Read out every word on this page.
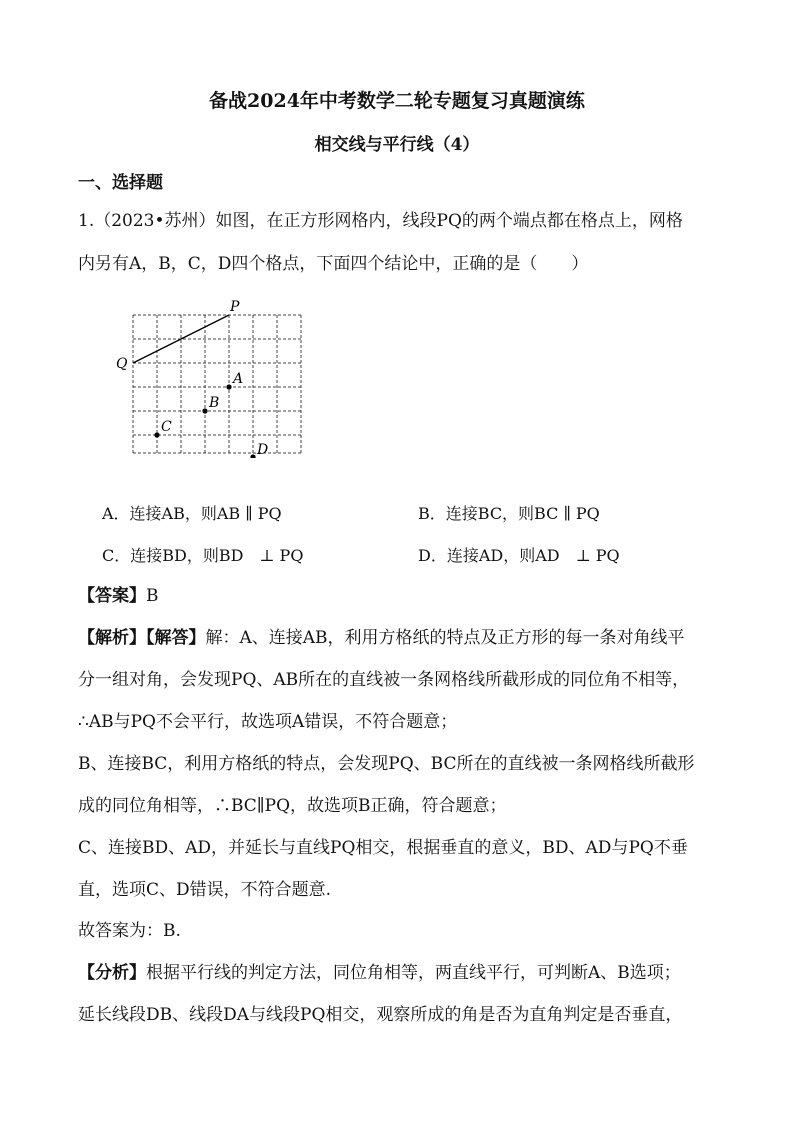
备战2024年中考数学二轮专题复习真题演练
相交线与平行线（4）
一、选择题
1.（2023•苏州）如图，在正方形网格内，线段PQ的两个端点都在格点上，网格
内另有A，B，C，D四个格点，下面四个结论中，正确的是（　　）
P
Q
A
B
C
D
A．连接AB，则AB ∥ PQ	B．连接BC，则BC ∥ PQ
C．连接BD，则BD　⊥ PQ	D．连接AD，则AD　⊥ PQ
【答案】B
【解析】【解答】解：A、连接AB，利用方格纸的特点及正方形的每一条对角线平
分一组对角，会发现PQ、AB所在的直线被一条网格线所截形成的同位角不相等，
∴AB与PQ不会平行，故选项A错误，不符合题意；
B、连接BC，利用方格纸的特点，会发现PQ、BC所在的直线被一条网格线所截形
成的同位角相等，∴BC∥PQ，故选项B正确，符合题意；
C、连接BD、AD，并延长与直线PQ相交，根据垂直的意义，BD、AD与PQ不垂
直，选项C、D错误，不符合题意.
故答案为：B.
【分析】根据平行线的判定方法，同位角相等，两直线平行，可判断A、B选项；
延长线段DB、线段DA与线段PQ相交，观察所成的角是否为直角判定是否垂直，
